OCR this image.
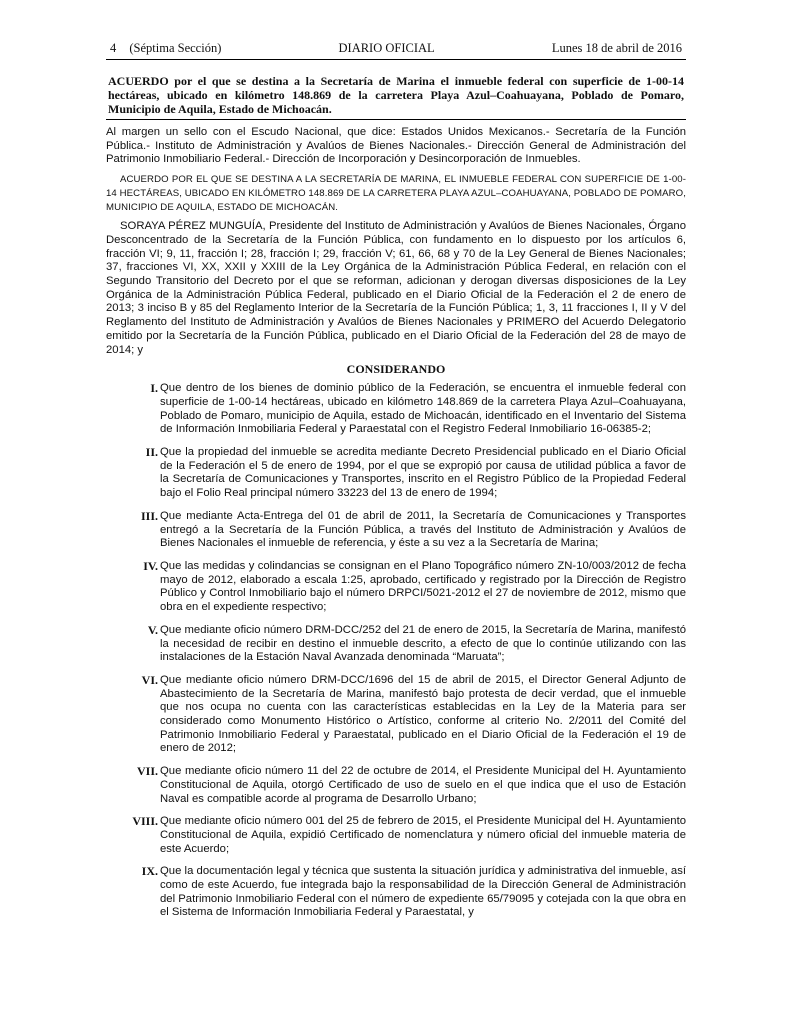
4 (Séptima Sección)	DIARIO OFICIAL	Lunes 18 de abril de 2016
ACUERDO por el que se destina a la Secretaría de Marina el inmueble federal con superficie de 1-00-14 hectáreas, ubicado en kilómetro 148.869 de la carretera Playa Azul–Coahuayana, Poblado de Pomaro, Municipio de Aquila, Estado de Michoacán.
Al margen un sello con el Escudo Nacional, que dice: Estados Unidos Mexicanos.- Secretaría de la Función Pública.- Instituto de Administración y Avalúos de Bienes Nacionales.- Dirección General de Administración del Patrimonio Inmobiliario Federal.- Dirección de Incorporación y Desincorporación de Inmuebles.
ACUERDO POR EL QUE SE DESTINA A LA SECRETARÍA DE MARINA, EL INMUEBLE FEDERAL CON SUPERFICIE DE 1-00-14 HECTÁREAS, UBICADO EN KILÓMETRO 148.869 DE LA CARRETERA PLAYA AZUL–COAHUAYANA, POBLADO DE POMARO, MUNICIPIO DE AQUILA, ESTADO DE MICHOACÁN.
SORAYA PÉREZ MUNGUÍA, Presidente del Instituto de Administración y Avalúos de Bienes Nacionales, Órgano Desconcentrado de la Secretaría de la Función Pública, con fundamento en lo dispuesto por los artículos 6, fracción VI; 9, 11, fracción I; 28, fracción I; 29, fracción V; 61, 66, 68 y 70 de la Ley General de Bienes Nacionales; 37, fracciones VI, XX, XXII y XXIII de la Ley Orgánica de la Administración Pública Federal, en relación con el Segundo Transitorio del Decreto por el que se reforman, adicionan y derogan diversas disposiciones de la Ley Orgánica de la Administración Pública Federal, publicado en el Diario Oficial de la Federación el 2 de enero de 2013; 3 inciso B y 85 del Reglamento Interior de la Secretaría de la Función Pública; 1, 3, 11 fracciones I, II y V del Reglamento del Instituto de Administración y Avalúos de Bienes Nacionales y PRIMERO del Acuerdo Delegatorio emitido por la Secretaría de la Función Pública, publicado en el Diario Oficial de la Federación del 28 de mayo de 2014; y
CONSIDERANDO
I. Que dentro de los bienes de dominio público de la Federación, se encuentra el inmueble federal con superficie de 1-00-14 hectáreas, ubicado en kilómetro 148.869 de la carretera Playa Azul–Coahuayana, Poblado de Pomaro, municipio de Aquila, estado de Michoacán, identificado en el Inventario del Sistema de Información Inmobiliaria Federal y Paraestatal con el Registro Federal Inmobiliario 16-06385-2;
II. Que la propiedad del inmueble se acredita mediante Decreto Presidencial publicado en el Diario Oficial de la Federación el 5 de enero de 1994, por el que se expropió por causa de utilidad pública a favor de la Secretaría de Comunicaciones y Transportes, inscrito en el Registro Público de la Propiedad Federal bajo el Folio Real principal número 33223 del 13 de enero de 1994;
III. Que mediante Acta-Entrega del 01 de abril de 2011, la Secretaría de Comunicaciones y Transportes entregó a la Secretaría de la Función Pública, a través del Instituto de Administración y Avalúos de Bienes Nacionales el inmueble de referencia, y éste a su vez a la Secretaría de Marina;
IV. Que las medidas y colindancias se consignan en el Plano Topográfico número ZN-10/003/2012 de fecha mayo de 2012, elaborado a escala 1:25, aprobado, certificado y registrado por la Dirección de Registro Público y Control Inmobiliario bajo el número DRPCI/5021-2012 el 27 de noviembre de 2012, mismo que obra en el expediente respectivo;
V. Que mediante oficio número DRM-DCC/252 del 21 de enero de 2015, la Secretaría de Marina, manifestó la necesidad de recibir en destino el inmueble descrito, a efecto de que lo continúe utilizando con las instalaciones de la Estación Naval Avanzada denominada “Maruata”;
VI. Que mediante oficio número DRM-DCC/1696 del 15 de abril de 2015, el Director General Adjunto de Abastecimiento de la Secretaría de Marina, manifestó bajo protesta de decir verdad, que el inmueble que nos ocupa no cuenta con las características establecidas en la Ley de la Materia para ser considerado como Monumento Histórico o Artístico, conforme al criterio No. 2/2011 del Comité del Patrimonio Inmobiliario Federal y Paraestatal, publicado en el Diario Oficial de la Federación el 19 de enero de 2012;
VII. Que mediante oficio número 11 del 22 de octubre de 2014, el Presidente Municipal del H. Ayuntamiento Constitucional de Aquila, otorgó Certificado de uso de suelo en el que indica que el uso de Estación Naval es compatible acorde al programa de Desarrollo Urbano;
VIII. Que mediante oficio número 001 del 25 de febrero de 2015, el Presidente Municipal del H. Ayuntamiento Constitucional de Aquila, expidió Certificado de nomenclatura y número oficial del inmueble materia de este Acuerdo;
IX. Que la documentación legal y técnica que sustenta la situación jurídica y administrativa del inmueble, así como de este Acuerdo, fue integrada bajo la responsabilidad de la Dirección General de Administración del Patrimonio Inmobiliario Federal con el número de expediente 65/79095 y cotejada con la que obra en el Sistema de Información Inmobiliaria Federal y Paraestatal, y
